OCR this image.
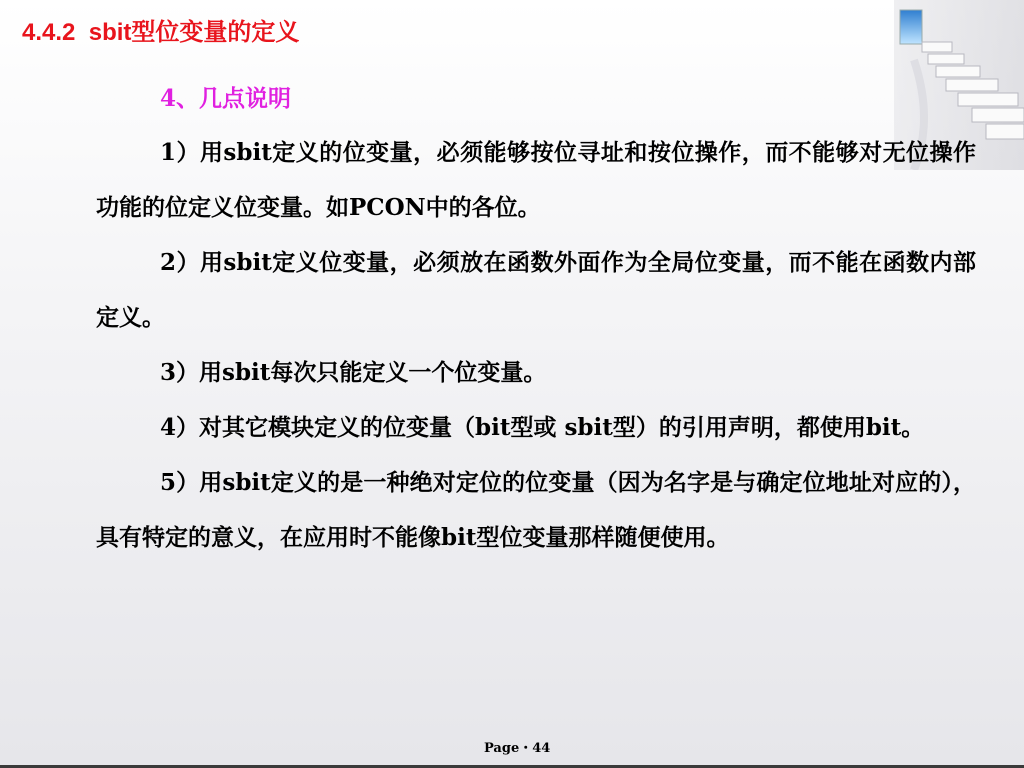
4.4.2  sbit型位变量的定义
4、几点说明

1）用sbit定义的位变量，必须能够按位寻址和按位操作，而不能够对无位操作功能的位定义位变量。如PCON中的各位。

2）用sbit定义位变量，必须放在函数外面作为全局位变量，而不能在函数内部定义。

3）用sbit每次只能定义一个位变量。

4）对其它模块定义的位变量（bit型或 sbit型）的引用声明，都使用bit。

5）用sbit定义的是一种绝对定位的位变量（因为名字是与确定位地址对应的），具有特定的意义，在应用时不能像bit型位变量那样随便使用。

Page・44
